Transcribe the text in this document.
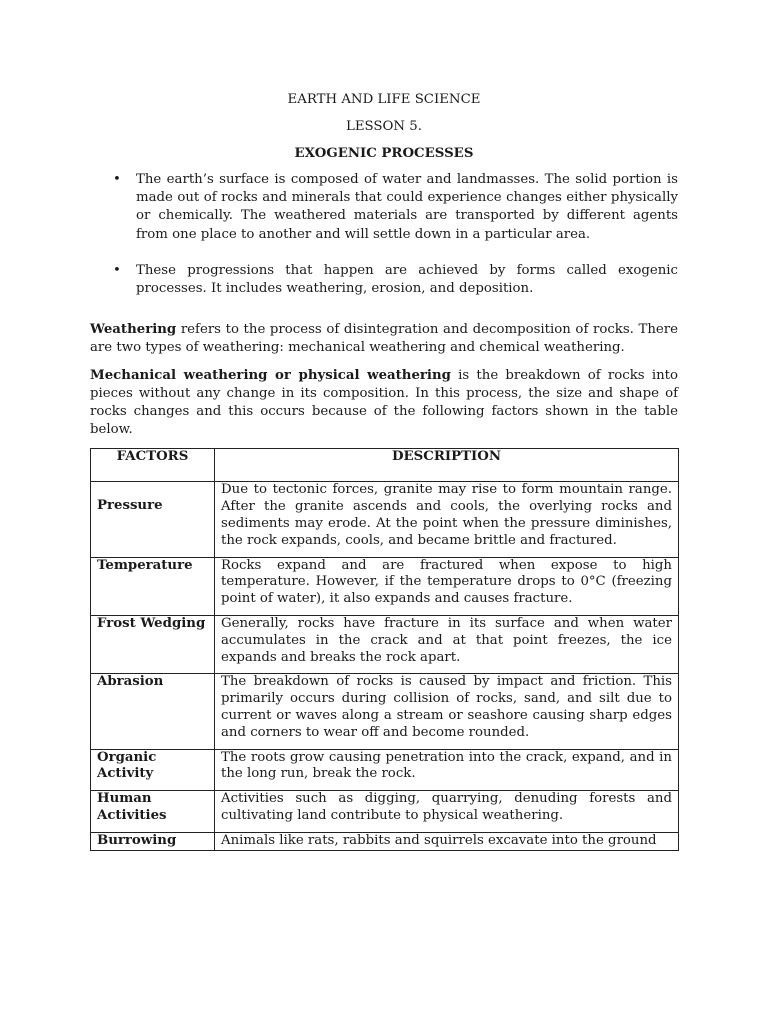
EARTH AND LIFE SCIENCE
LESSON 5.
EXOGENIC PROCESSES
• The earth’s surface is composed of water and landmasses. The solid portion is made out of rocks and minerals that could experience changes either physically or chemically. The weathered materials are transported by different agents from one place to another and will settle down in a particular area.
• These progressions that happen are achieved by forms called exogenic processes. It includes weathering, erosion, and deposition.

Weathering refers to the process of disintegration and decomposition of rocks. There are two types of weathering: mechanical weathering and chemical weathering.

Mechanical weathering or physical weathering is the breakdown of rocks into pieces without any change in its composition. In this process, the size and shape of rocks changes and this occurs because of the following factors shown in the table below.

FACTORS	DESCRIPTION
Pressure	Due to tectonic forces, granite may rise to form mountain range. After the granite ascends and cools, the overlying rocks and sediments may erode. At the point when the pressure diminishes, the rock expands, cools, and became brittle and fractured.
Temperature	Rocks expand and are fractured when expose to high temperature. However, if the temperature drops to 0°C (freezing point of water), it also expands and causes fracture.
Frost Wedging	Generally, rocks have fracture in its surface and when water accumulates in the crack and at that point freezes, the ice expands and breaks the rock apart.
Abrasion	The breakdown of rocks is caused by impact and friction. This primarily occurs during collision of rocks, sand, and silt due to current or waves along a stream or seashore causing sharp edges and corners to wear off and become rounded.
Organic Activity	The roots grow causing penetration into the crack, expand, and in the long run, break the rock.
Human Activities	Activities such as digging, quarrying, denuding forests and cultivating land contribute to physical weathering.
Burrowing	Animals like rats, rabbits and squirrels excavate into the ground
